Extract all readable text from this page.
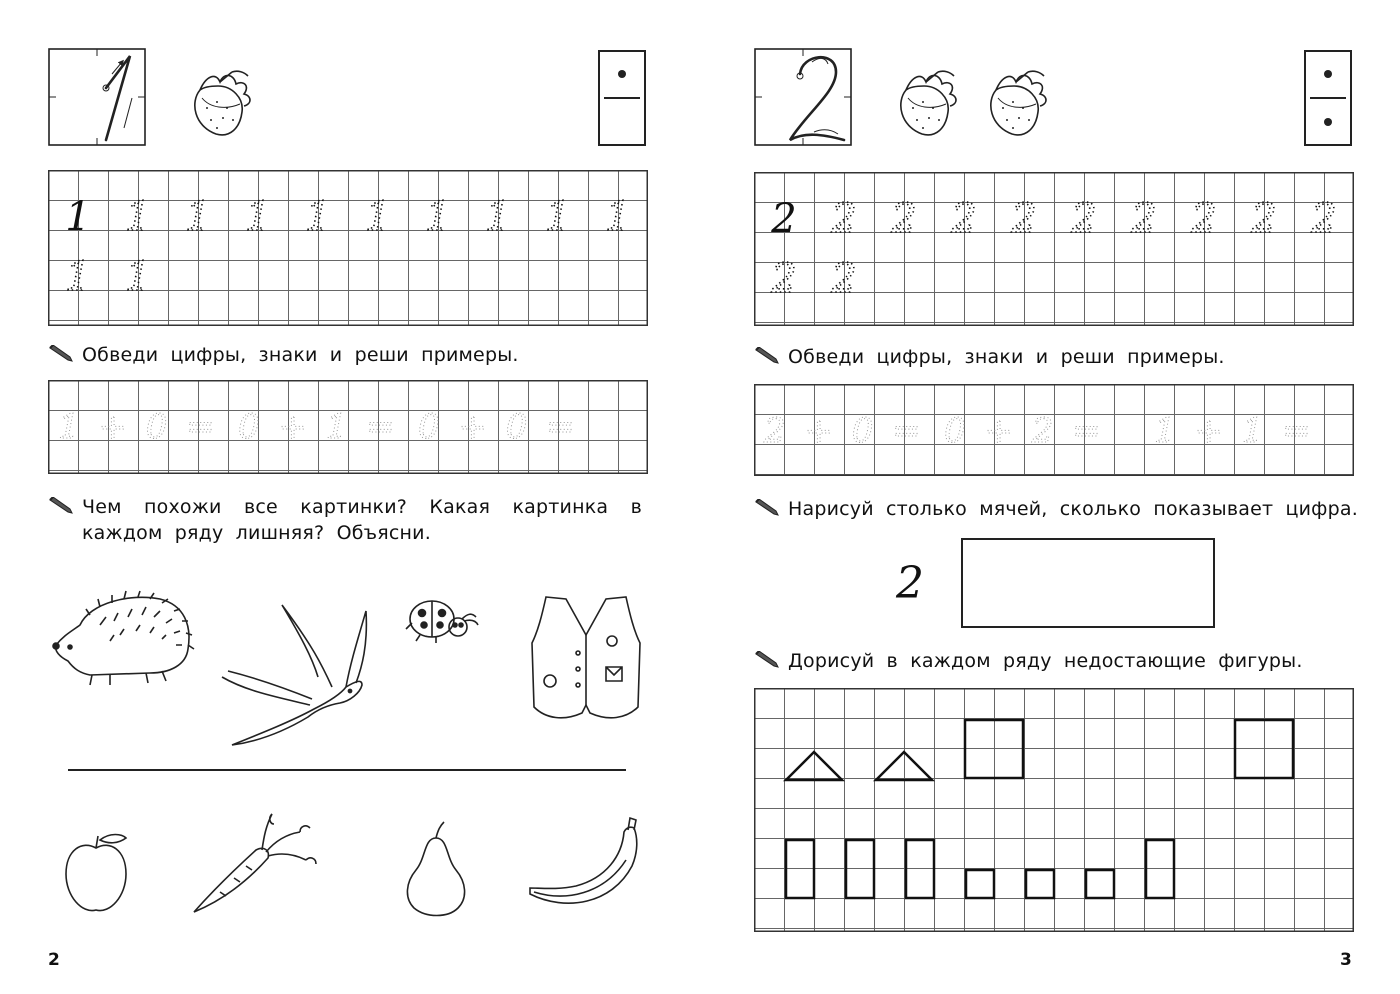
1 1 1 1 1 1 1 1 1 1
1 1
Обведи цифры, знаки и реши примеры.
1 + 0 = 0 + 1 = 0 + 0 =
Чем похожи все картинки? Какая картинка в каждом ряду лишняя? Объясни.
2
2 2 2 2 2 2 2 2 2 2
2 2
Обведи цифры, знаки и реши примеры.
2 + 0 = 0 + 2 = 1 + 1 =
Нарисуй столько мячей, сколько показывает цифра.
2
Дорисуй в каждом ряду недостающие фигуры.
3
